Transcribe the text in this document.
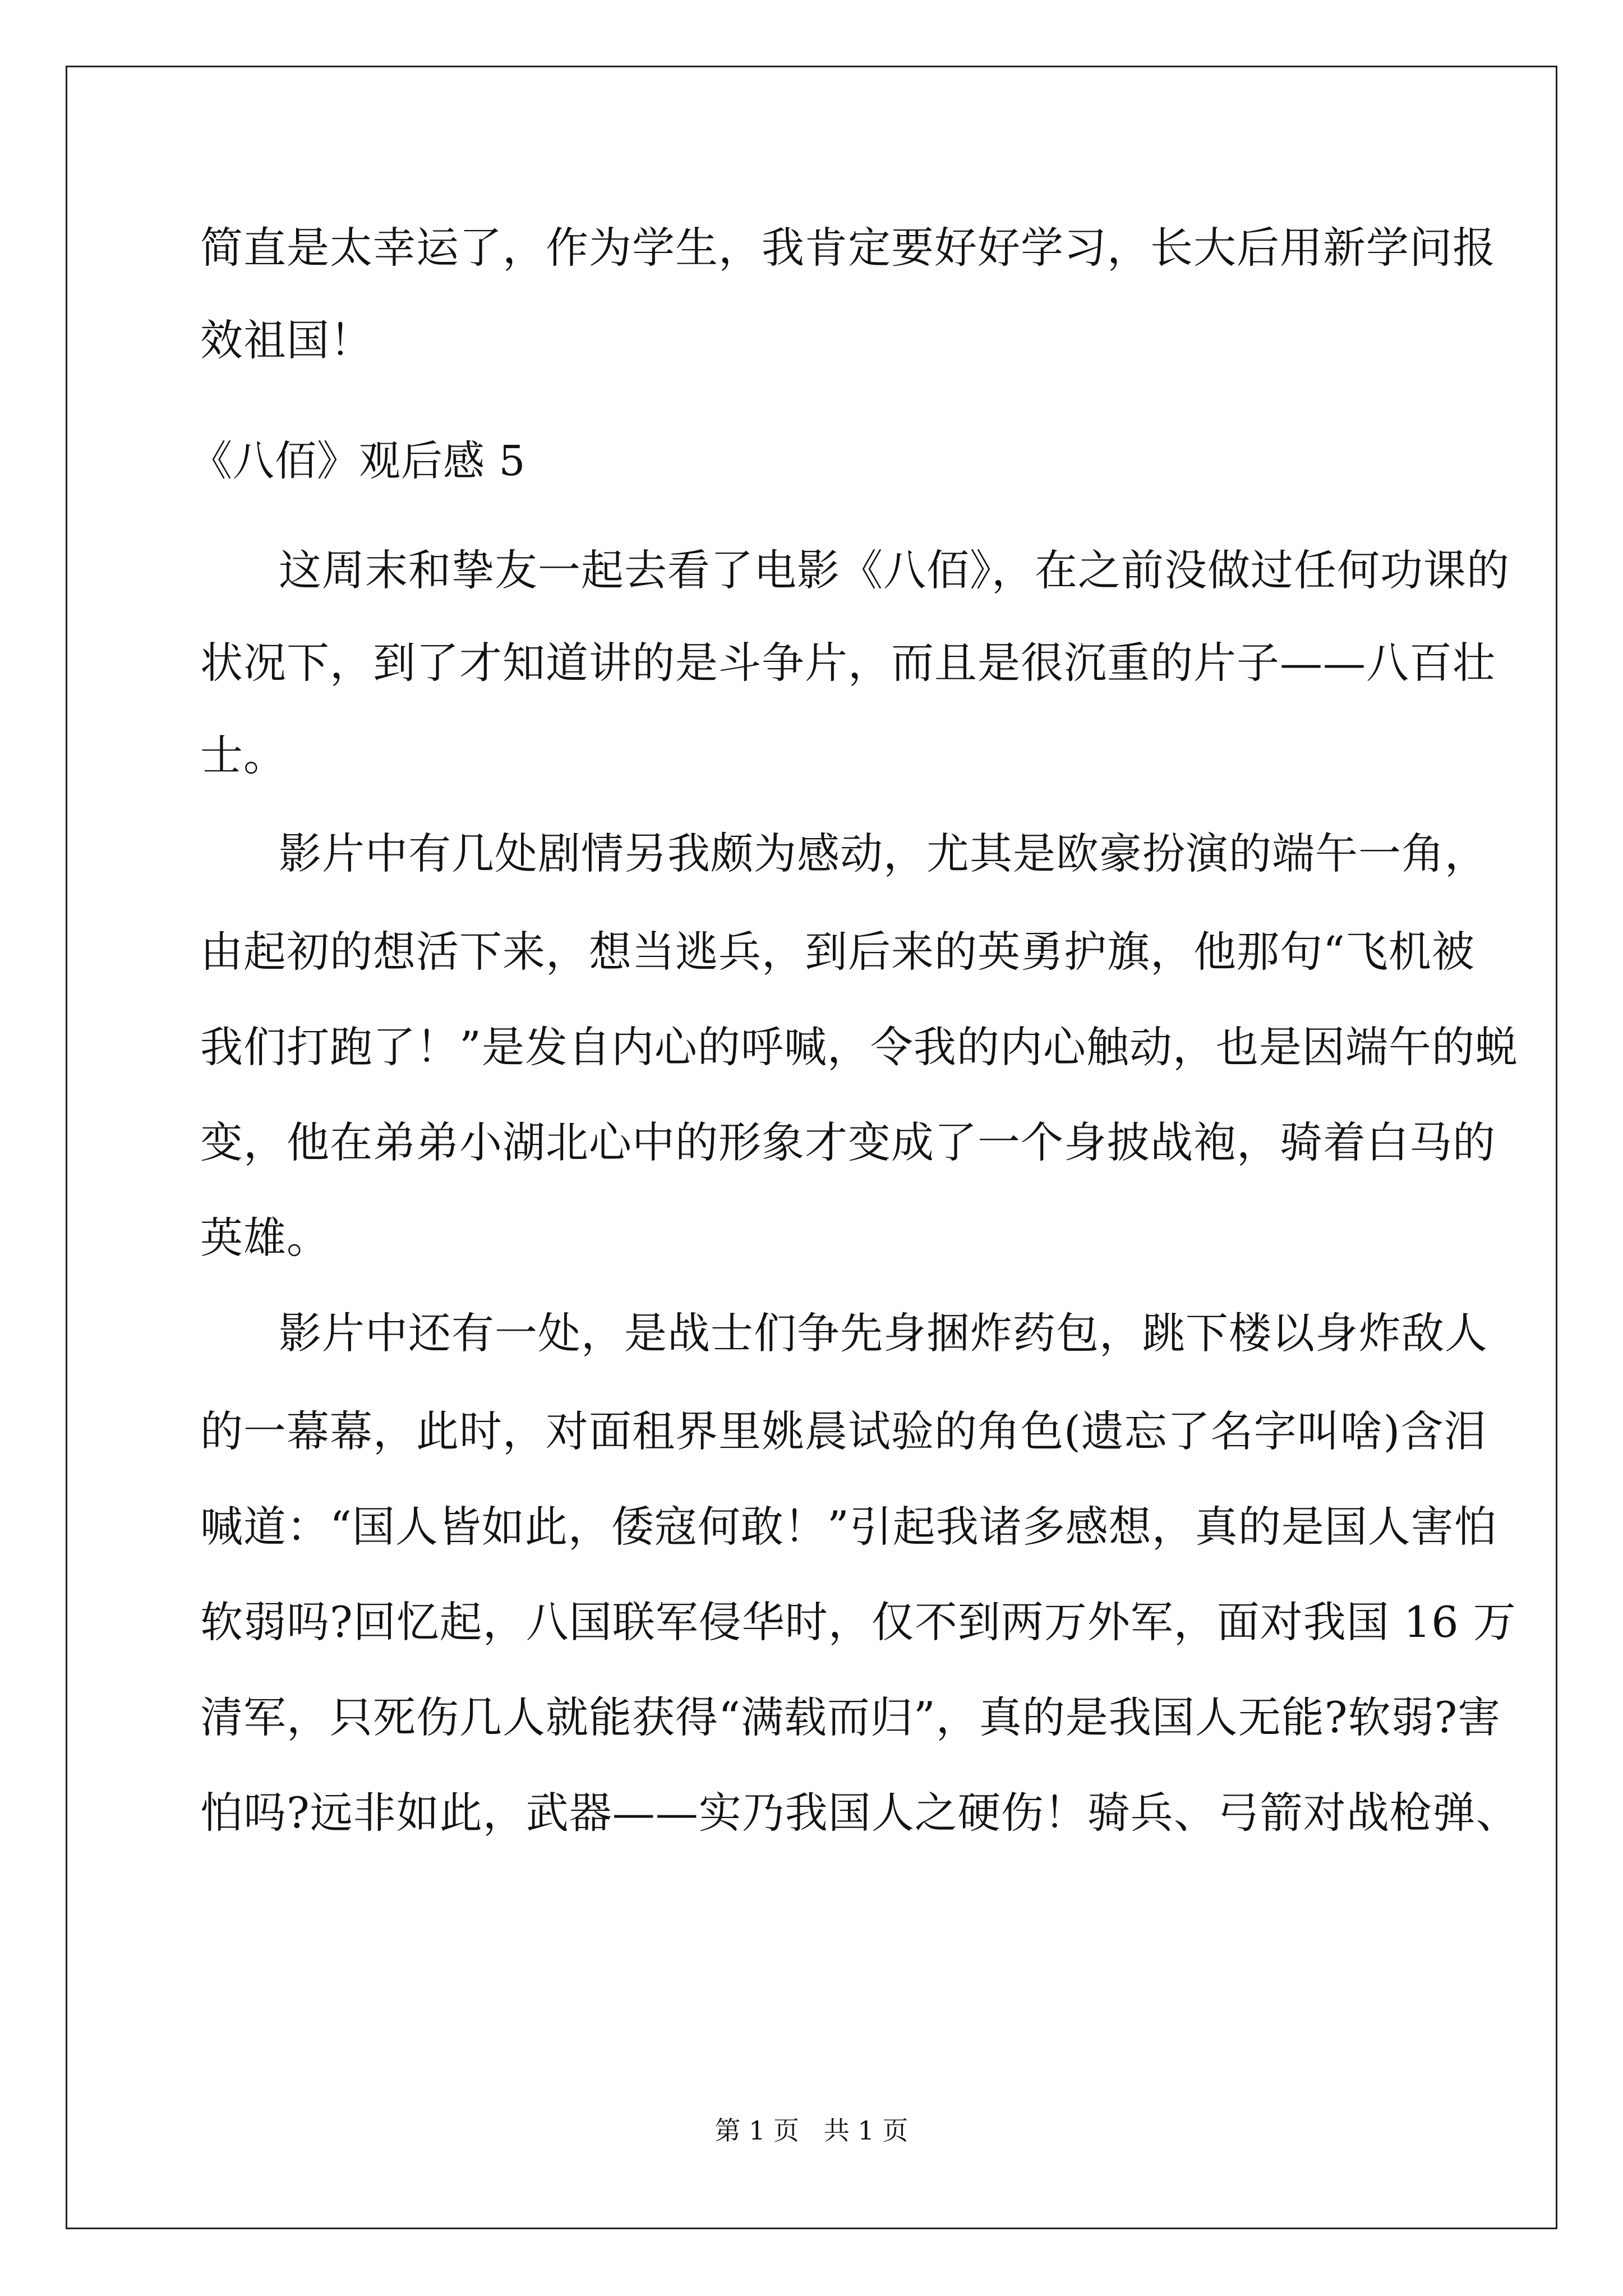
简直是太幸运了，作为学生，我肯定要好好学习，长大后用新学问报
效祖国！
《八佰》观后感 5
这周末和挚友一起去看了电影《八佰》，在之前没做过任何功课的
状况下，到了才知道讲的是斗争片，而且是很沉重的片子——八百壮
士。
影片中有几处剧情另我颇为感动，尤其是欧豪扮演的端午一角，
由起初的想活下来，想当逃兵，到后来的英勇护旗，他那句“飞机被
我们打跑了！”是发自内心的呼喊，令我的内心触动，也是因端午的蜕
变，他在弟弟小湖北心中的形象才变成了一个身披战袍，骑着白马的
英雄。
影片中还有一处，是战士们争先身捆炸药包，跳下楼以身炸敌人
的一幕幕，此时，对面租界里姚晨试验的角色(遗忘了名字叫啥)含泪
喊道：“国人皆如此，倭寇何敢！”引起我诸多感想，真的是国人害怕
软弱吗?回忆起，八国联军侵华时，仅不到两万外军，面对我国 16 万
清军，只死伤几人就能获得“满载而归”，真的是我国人无能?软弱?害
怕吗?远非如此，武器——实乃我国人之硬伤！骑兵、弓箭对战枪弹、
第 1 页   共 1 页
